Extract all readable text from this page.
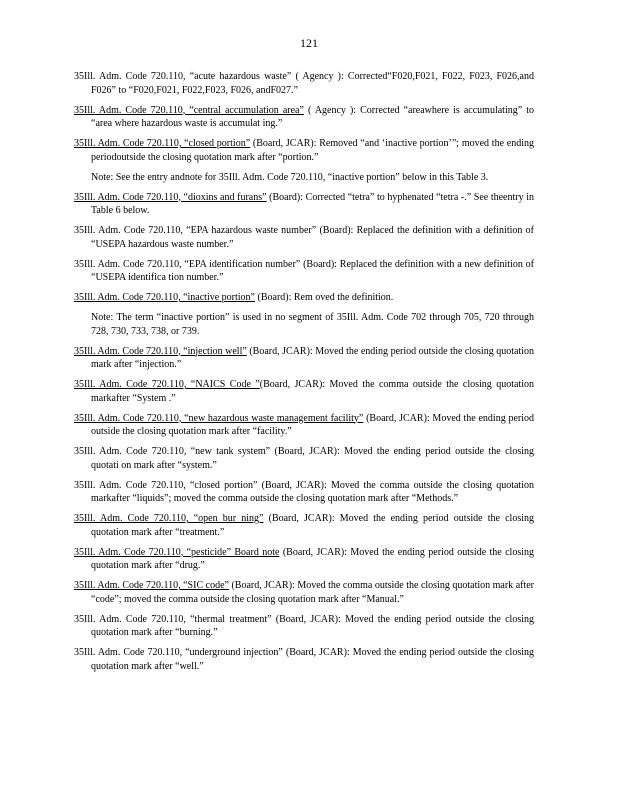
121

35Ill. Adm. Code 720.110, “acute hazardous waste” ( Agency ): Corrected“F020,F021, F022, F023, F026,and F026” to “F020,F021, F022,F023, F026, andF027.”

35Ill. Adm. Code 720.110, “central accumulation area” ( Agency ): Corrected “areawhere is accumulating” to “area where hazardous waste is accumulat ing.”

35Ill. Adm. Code 720.110, “closed portion” (Board, JCAR): Removed “and ‘inactive portion’”; moved the ending periodoutside the closing quotation mark after “portion.”

Note: See the entry andnote for 35Ill. Adm. Code 720.110, “inactive portion” below in this Table 3.

35Ill. Adm. Code 720.110, “dioxins and furans” (Board): Corrected “tetra” to hyphenated “tetra -.” See theentry in Table 6 below.

35Ill. Adm. Code 720.110, “EPA hazardous waste number” (Board): Replaced the definition with a definition of “USEPA hazardous waste number.”

35Ill. Adm. Code 720.110, “EPA identification number” (Board): Replaced the definition with a new definition of “USEPA identifica tion number.”

35Ill. Adm. Code 720.110, “inactive portion” (Board): Rem oved the definition.

Note: The term “inactive portion” is used in no segment of 35Ill. Adm. Code 702 through 705, 720 through 728, 730, 733, 738, or 739.

35Ill. Adm. Code 720.110, “injection well” (Board, JCAR): Moved the ending period outside the closing quotation mark after “injection.”

35Ill. Adm. Code 720.110, “NAICS Code ”(Board, JCAR): Moved the comma outside the closing quotation markafter “System .”

35Ill. Adm. Code 720.110, “new hazardous waste management facility” (Board, JCAR): Moved the ending period outside the closing quotation mark after “facility.”

35Ill. Adm. Code 720.110, “new tank system” (Board, JCAR): Moved the ending period outside the closing quotati on mark after “system.”

35Ill. Adm. Code 720.110, “closed portion” (Board, JCAR): Moved the comma outside the closing quotation markafter “liquids”; moved the comma outside the closing quotation mark after “Methods.”

35Ill. Adm. Code 720.110, “open bur ning” (Board, JCAR): Moved the ending period outside the closing quotation mark after “treatment.”

35Ill. Adm. Code 720.110, “pesticide” Board note (Board, JCAR): Moved the ending period outside the closing quotation mark after “drug.”

35Ill. Adm. Code 720.110, “SIC code” (Board, JCAR): Moved the comma outside the closing quotation mark after “code”; moved the comma outside the closing quotation mark after “Manual.”

35Ill. Adm. Code 720.110, “thermal treatment” (Board, JCAR): Moved the ending period outside the closing quotation mark after “burning.”

35Ill. Adm. Code 720.110, “underground injection” (Board, JCAR): Moved the ending period outside the closing quotation mark after “well.”
